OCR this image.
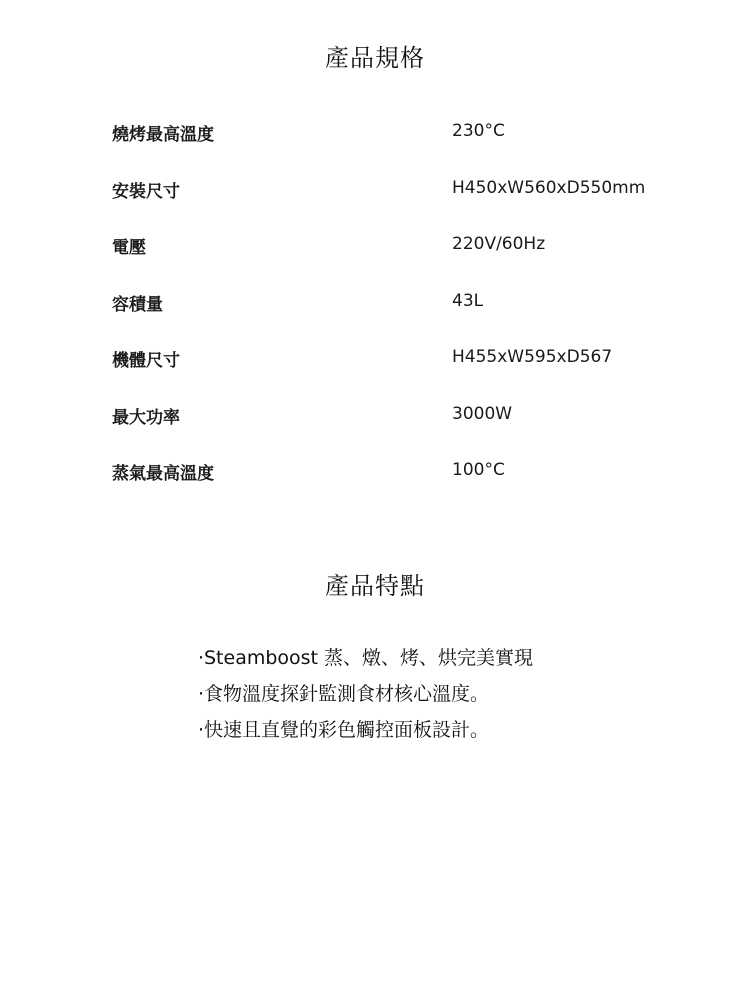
產品規格
燒烤最高溫度	230°C
安裝尺寸	H450xW560xD550mm
電壓	220V/60Hz
容積量	43L
機體尺寸	H455xW595xD567
最大功率	3000W
蒸氣最高溫度	100°C
產品特點
·Steamboost 蒸、燉、烤、烘完美實現
·食物溫度探針監測食材核心溫度。
·快速且直覺的彩色觸控面板設計。
